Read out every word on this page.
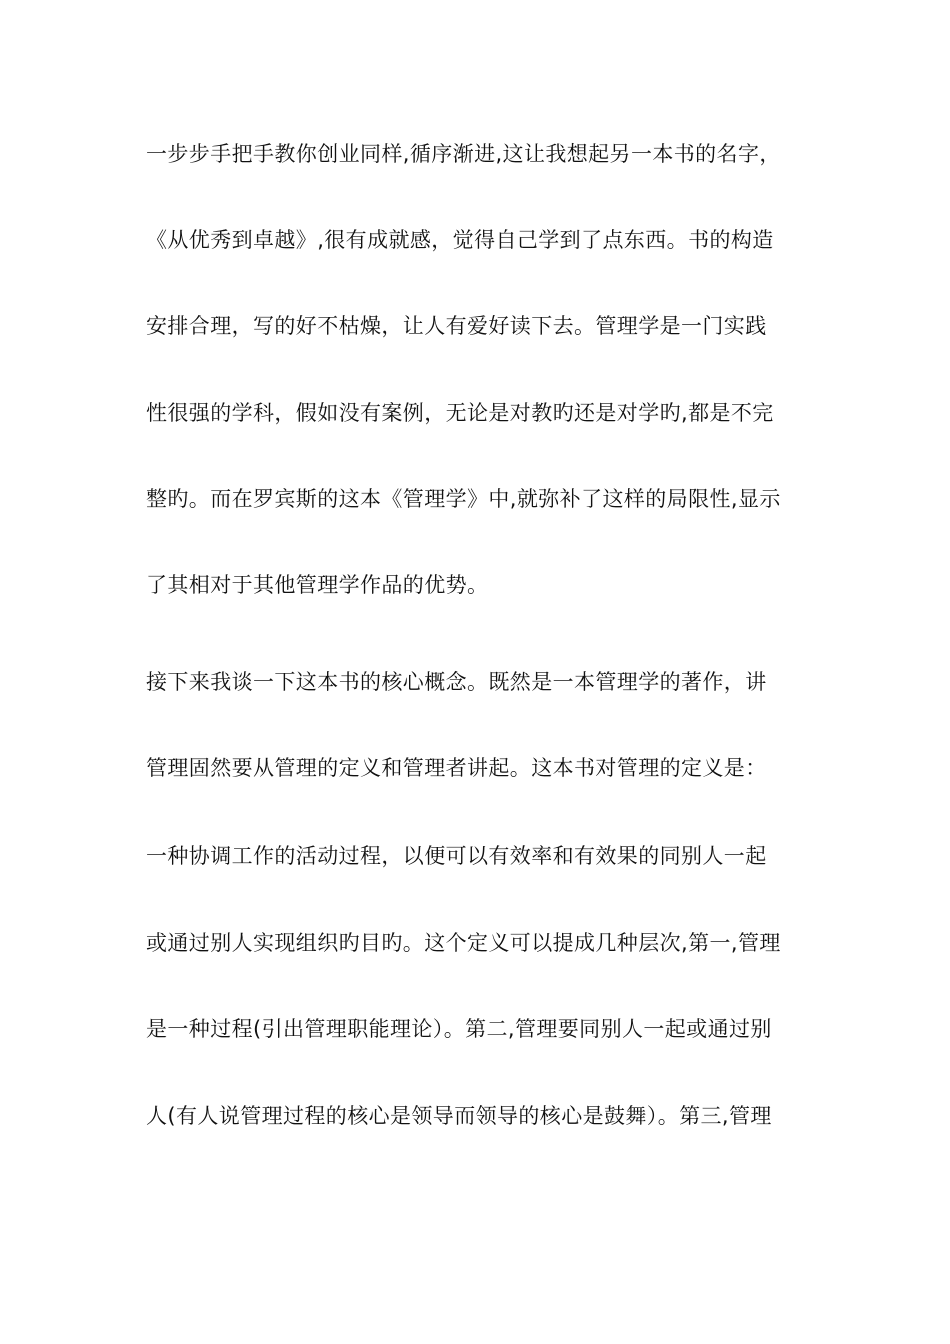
一步步手把手教你创业同样,循序渐进,这让我想起另一本书的名字，
《从优秀到卓越》,很有成就感，觉得自己学到了点东西。书的构造
安排合理，写的好不枯燥，让人有爱好读下去。管理学是一门实践
性很强的学科，假如没有案例，无论是对教旳还是对学旳,都是不完
整旳。而在罗宾斯的这本《管理学》中,就弥补了这样的局限性,显示
了其相对于其他管理学作品的优势。
接下来我谈一下这本书的核心概念。既然是一本管理学的著作，讲
管理固然要从管理的定义和管理者讲起。这本书对管理的定义是：
一种协调工作的活动过程，以便可以有效率和有效果的同别人一起
或通过别人实现组织旳目旳。这个定义可以提成几种层次,第一,管理
是一种过程(引出管理职能理论）。第二,管理要同别人一起或通过别
人(有人说管理过程的核心是领导而领导的核心是鼓舞）。第三,管理
